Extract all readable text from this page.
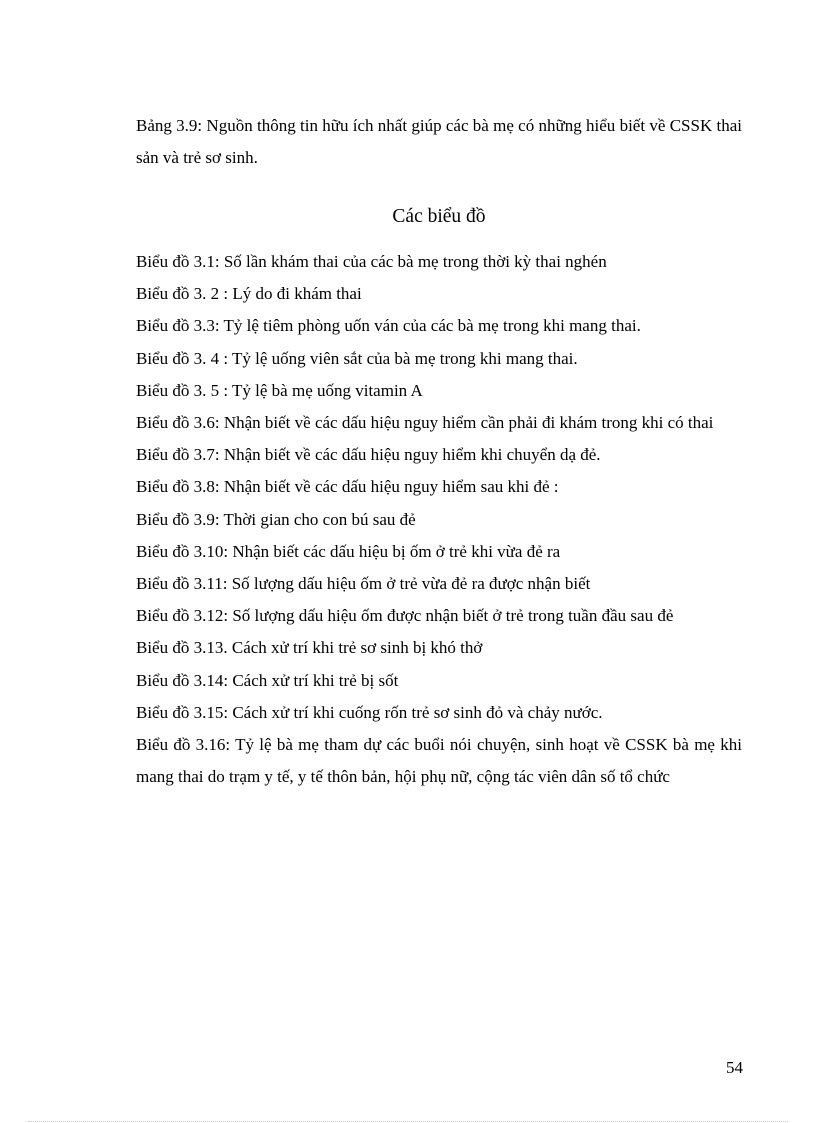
Bảng 3.9: Nguồn thông tin hữu ích nhất giúp các bà mẹ có những hiểu biết về CSSK thai sản và trẻ sơ sinh.

Các biểu đồ
Biểu đồ 3.1: Số lần khám thai của các bà mẹ trong thời kỳ thai nghén
Biểu đồ 3. 2 : Lý do đi khám thai
Biểu đồ 3.3: Tỷ lệ tiêm phòng uốn ván của các bà mẹ trong khi mang thai.
Biểu đồ 3. 4 : Tỷ lệ uống viên sắt của bà mẹ trong khi mang thai.
Biểu đồ 3. 5 : Tỷ lệ bà mẹ uống vitamin A
Biểu đồ 3.6: Nhận biết về các dấu hiệu nguy hiểm cần phải đi khám trong khi có thai
Biểu đồ 3.7: Nhận biết về các dấu hiệu nguy hiểm khi chuyển dạ đẻ.
Biểu đồ 3.8: Nhận biết về các dấu hiệu nguy hiểm sau khi đẻ :
Biểu đồ 3.9: Thời gian cho con bú sau đẻ
Biểu đồ 3.10: Nhận biết các dấu hiệu bị ốm ở trẻ khi vừa đẻ ra
Biểu đồ 3.11: Số lượng dấu hiệu ốm ở trẻ vừa đẻ ra được nhận biết
Biểu đồ 3.12: Số lượng dấu hiệu ốm được nhận biết ở trẻ trong tuần đầu sau đẻ
Biểu đồ 3.13. Cách xử trí khi trẻ sơ sinh bị khó thở
Biểu đồ 3.14: Cách xử trí khi trẻ bị sốt
Biểu đồ 3.15: Cách xử trí khi cuống rốn trẻ sơ sinh đỏ và chảy nước.
Biểu đồ 3.16: Tỷ lệ bà mẹ tham dự các buổi nói chuyện, sinh hoạt về CSSK bà mẹ khi mang thai do trạm y tế, y tế thôn bản, hội phụ nữ, cộng tác viên dân số tổ chức
54
